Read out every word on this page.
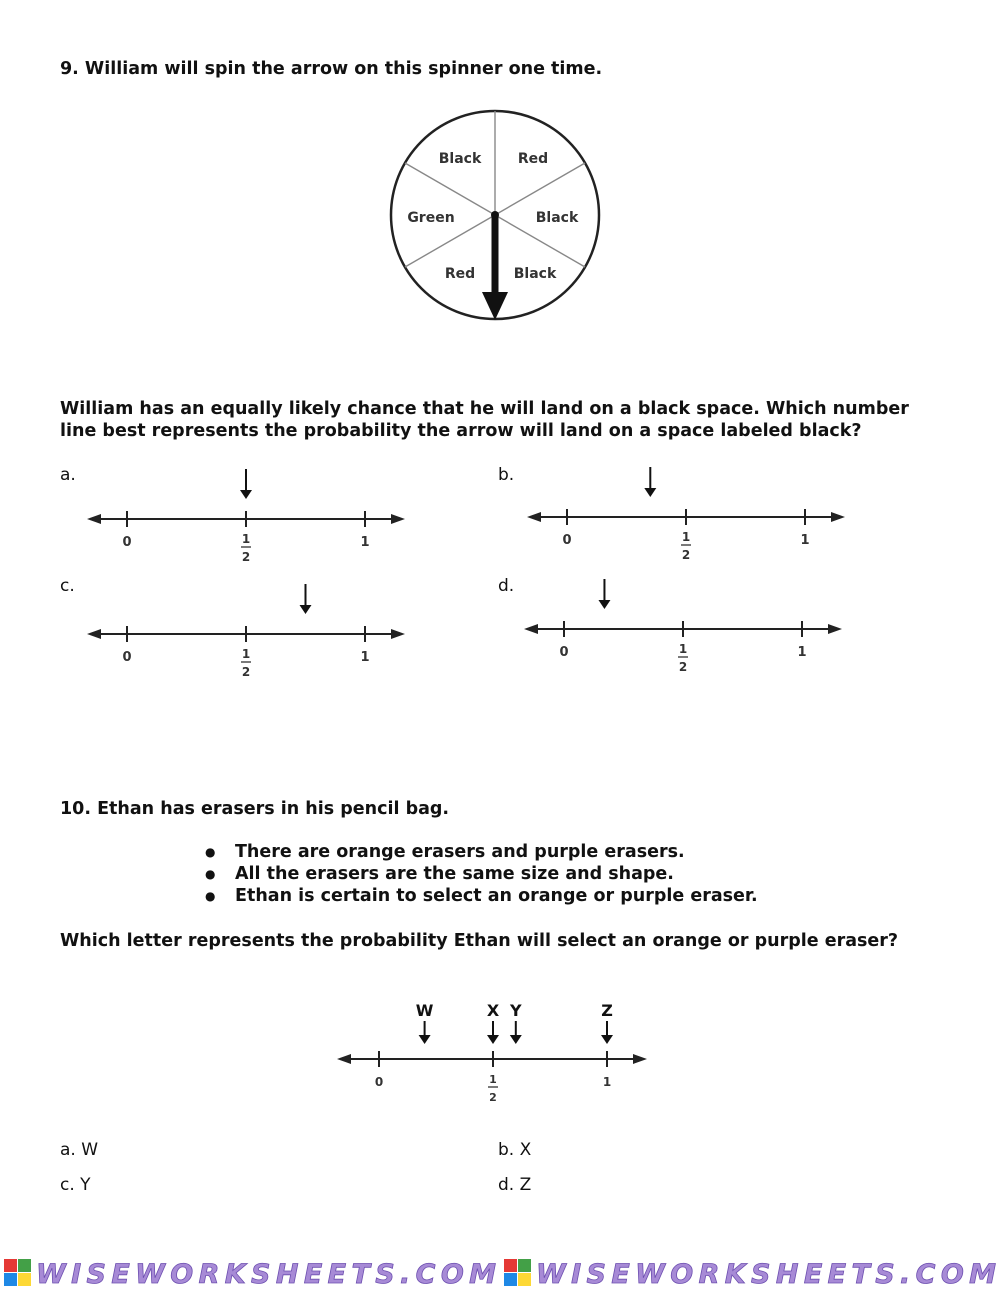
9. William will spin the arrow on this spinner one time.
Black	Red
Black
Black
Red
Green
William has an equally likely chance that he will land on a black space. Which number line best represents the probability the arrow will land on a space labeled black?
a.	b.
c.	d.
0	1
2
1	0	1
2
1
0	1
2
1	0	1
2
1
10. Ethan has erasers in his pencil bag.
● There are orange erasers and purple erasers.
● All the erasers are the same size and shape.
● Ethan is certain to select an orange or purple eraser.
Which letter represents the probability Ethan will select an orange or purple eraser?
0	1
2
1
W	X Y	Z
a. W	b. X
c. Y	d. Z
WISEWORKSHEETS.COM WISEWORKSHEETS.COM
